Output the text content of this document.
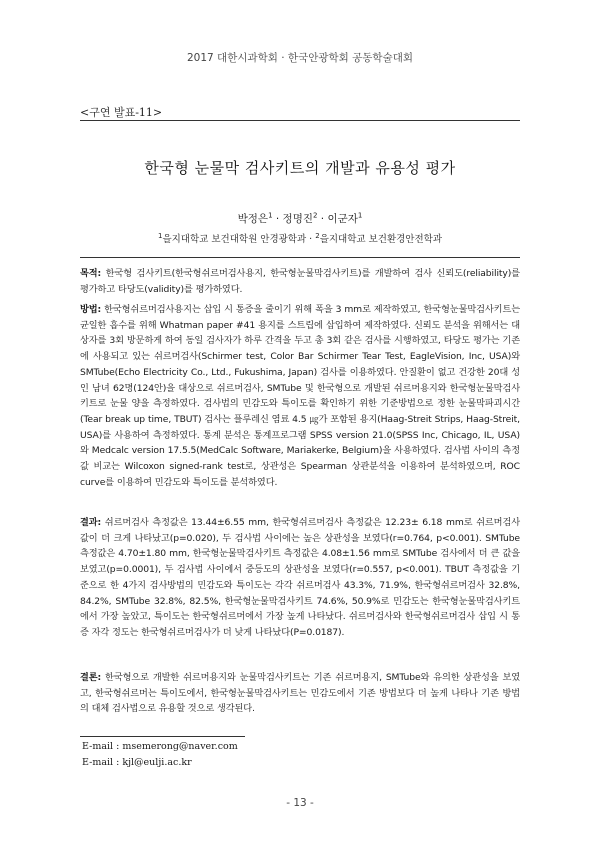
2017 대한시과학회 · 한국안광학회 공동학술대회
<구연 발표-11>
한국형 눈물막 검사키트의 개발과 유용성 평가
박정은$^1$ · 정명진$^2$ · 이군자$^1$
$^1$을지대학교 보건대학원 안경광학과 · $^2$을지대학교 보건환경안전학과
목적: 한국형 검사키트(한국형쉬르머검사용지, 한국형눈물막검사키트)를 개발하여 검사 신뢰도(reliability)를 평가하고 타당도(validity)를 평가하였다.
방법: 한국형쉬르머검사용지는 삽입 시 통증을 줄이기 위해 폭을 3 mm로 제작하였고, 한국형눈물막검사키트는 균일한 흡수를 위해 Whatman paper #41 용지를 스트립에 삽입하여 제작하였다. 신뢰도 분석을 위해서는 대상자를 3회 방문하게 하여 동일 검사자가 하루 간격을 두고 총 3회 같은 검사를 시행하였고, 타당도 평가는 기존에 사용되고 있는 쉬르머검사(Schirmer test, Color Bar Schirmer Tear Test, EagleVision, Inc, USA)와 SMTube(Echo Electricity Co., Ltd., Fukushima, Japan) 검사를 이용하였다. 안질환이 없고 건강한 20대 성인 남녀 62명(124안)을 대상으로 쉬르머검사, SMTube 및 한국형으로 개발된 쉬르머용지와 한국형눈물막검사키트로 눈물 양을 측정하였다. 검사법의 민감도와 특이도를 확인하기 위한 기준방법으로 정한 눈물막파괴시간(Tear break up time, TBUT) 검사는 플루레신 염료 4.5 ㎍가 포함된 용지(Haag-Streit Strips, Haag-Streit, USA)를 사용하여 측정하였다. 통계 분석은 통계프로그램 SPSS version 21.0(SPSS Inc, Chicago, IL, USA)와 Medcalc version 17.5.5(MedCalc Software, Mariakerke, Belgium)을 사용하였다. 검사법 사이의 측정값 비교는 Wilcoxon signed-rank test로, 상관성은 Spearman 상관분석을 이용하여 분석하였으며, ROC curve를 이용하여 민감도와 특이도를 분석하였다.
결과: 쉬르머검사 측정값은 13.44±6.55 mm, 한국형쉬르머검사 측정값은 12.23± 6.18 mm로 쉬르머검사값이 더 크게 나타났고(p=0.020), 두 검사법 사이에는 높은 상관성을 보였다(r=0.764, p<0.001). SMTube 측정값은 4.70±1.80 mm, 한국형눈물막검사키트 측정값은 4.08±1.56 mm로 SMTube 검사에서 더 큰 값을 보였고(p=0.0001), 두 검사법 사이에서 중등도의 상관성을 보였다(r=0.557, p<0.001). TBUT 측정값을 기준으로 한 4가지 검사방법의 민감도와 특이도는 각각 쉬르머검사 43.3%, 71.9%, 한국형쉬르머검사 32.8%, 84.2%, SMTube 32.8%, 82.5%, 한국형눈물막검사키트 74.6%, 50.9%로 민감도는 한국형눈물막검사키트에서 가장 높았고, 특이도는 한국형쉬르머에서 가장 높게 나타났다. 쉬르머검사와 한국형쉬르머검사 삽입 시 통증 자각 정도는 한국형쉬르머검사가 더 낮게 나타났다(P=0.0187).
결론: 한국형으로 개발한 쉬르머용지와 눈물막검사키트는 기존 쉬르머용지, SMTube와 유의한 상관성을 보였고, 한국형쉬르머는 특이도에서, 한국형눈물막검사키트는 민감도에서 기존 방법보다 더 높게 나타나 기존 방법의 대체 검사법으로 유용할 것으로 생각된다.
E-mail : msemerong@naver.com
E-mail : kjl@eulji.ac.kr
- 13 -
